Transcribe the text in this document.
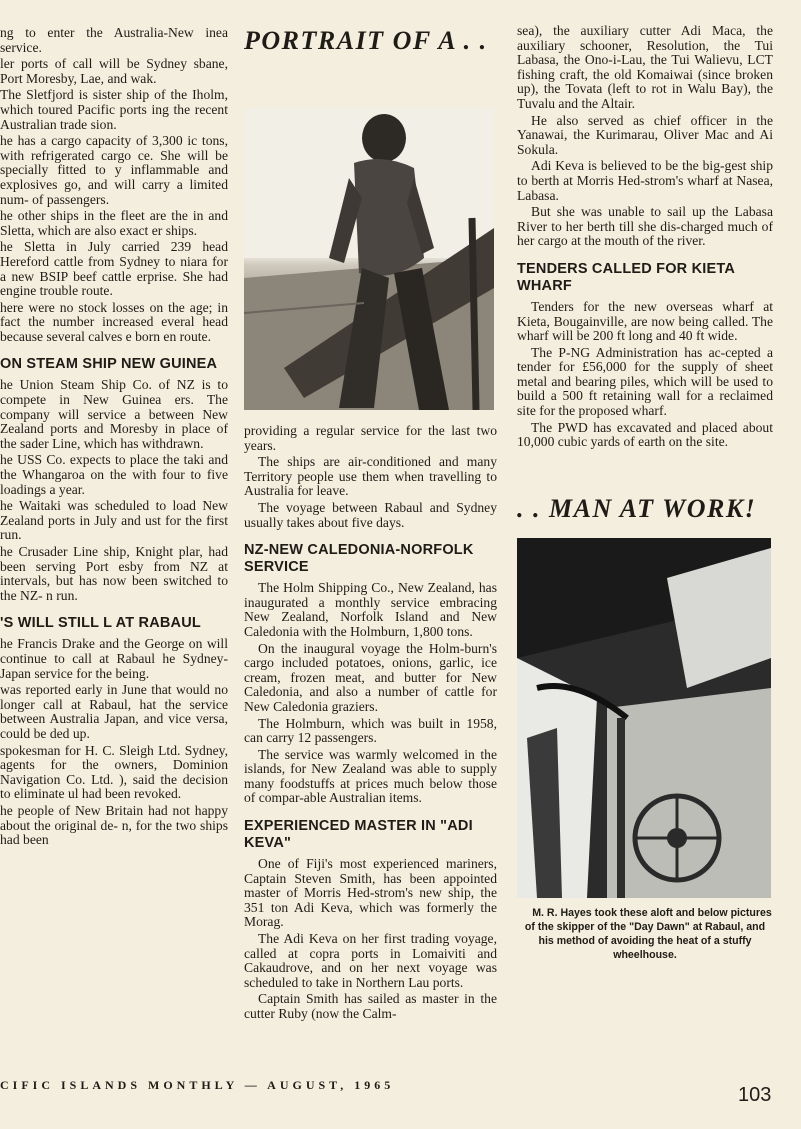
ng to enter the Australia-New inea service.

ler ports of call will be Sydney sbane, Port Moresby, Lae, and wak.

The Sletfjord is sister ship of the Iholm, which toured Pacific ports ing the recent Australian trade sion.

he has a cargo capacity of 3,300 ic tons, with refrigerated cargo ce. She will be specially fitted to y inflammable and explosives go, and will carry a limited num- of passengers.

he other ships in the fleet are the in and Sletta, which are also exact er ships.

he Sletta in July carried 239 head Hereford cattle from Sydney to niara for a new BSIP beef cattle erprise. She had engine trouble route.

here were no stock losses on the age; in fact the number increased everal head because several calves e born en route.

ON STEAM SHIP NEW GUINEA

he Union Steam Ship Co. of NZ is to compete in New Guinea ers. The company will service a between New Zealand ports and Moresby in place of the sader Line, which has withdrawn.

he USS Co. expects to place the taki and the Whangaroa on the with four to five loadings a year.

he Waitaki was scheduled to load New Zealand ports in July and ust for the first run.

he Crusader Line ship, Knight plar, had been serving Port esby from NZ at intervals, but has now been switched to the NZ- n run.

'S WILL STILL L AT RABAUL

he Francis Drake and the George on will continue to call at Rabaul he Sydney-Japan service for the being.

was reported early in June that would no longer call at Rabaul, hat the service between Australia Japan, and vice versa, could be ded up.

spokesman for H. C. Sleigh Ltd. Sydney, agents for the owners, Dominion Navigation Co. Ltd. ), said the decision to eliminate ul had been revoked.

he people of New Britain had not happy about the original de- n, for the two ships had been

PORTRAIT OF A . .

providing a regular service for the last two years.

The ships are air-conditioned and many Territory people use them when travelling to Australia for leave.

The voyage between Rabaul and Sydney usually takes about five days.

NZ-NEW CALEDONIA-NORFOLK SERVICE

The Holm Shipping Co., New Zealand, has inaugurated a monthly service embracing New Zealand, Norfolk Island and New Caledonia with the Holmburn, 1,800 tons.

On the inaugural voyage the Holm-burn's cargo included potatoes, onions, garlic, ice cream, frozen meat, and butter for New Caledonia, and also a number of cattle for New Caledonia graziers.

The Holmburn, which was built in 1958, can carry 12 passengers.

The service was warmly welcomed in the islands, for New Zealand was able to supply many foodstuffs at prices much below those of compar-able Australian items.

EXPERIENCED MASTER IN "ADI KEVA"

One of Fiji's most experienced mariners, Captain Steven Smith, has been appointed master of Morris Hed-strom's new ship, the 351 ton Adi Keva, which was formerly the Morag.

The Adi Keva on her first trading voyage, called at copra ports in Lomaiviti and Cakaudrove, and on her next voyage was scheduled to take in Northern Lau ports.

Captain Smith has sailed as master in the cutter Ruby (now the Calm-

sea), the auxiliary cutter Adi Maca, the auxiliary schooner, Resolution, the Tui Labasa, the Ono-i-Lau, the Tui Walievu, LCT fishing craft, the old Komaiwai (since broken up), the Tovata (left to rot in Walu Bay), the Tuvalu and the Altair.

He also served as chief officer in the Yanawai, the Kurimarau, Oliver Mac and Ai Sokula.

Adi Keva is believed to be the big-gest ship to berth at Morris Hed-strom's wharf at Nasea, Labasa.

But she was unable to sail up the Labasa River to her berth till she dis-charged much of her cargo at the mouth of the river.

TENDERS CALLED FOR KIETA WHARF

Tenders for the new overseas wharf at Kieta, Bougainville, are now being called. The wharf will be 200 ft long and 40 ft wide.

The P-NG Administration has ac-cepted a tender for £56,000 for the supply of sheet metal and bearing piles, which will be used to build a 500 ft retaining wall for a reclaimed site for the proposed wharf.

The PWD has excavated and placed about 10,000 cubic yards of earth on the site.

. . MAN AT WORK!

M. R. Hayes took these aloft and below pictures of the skipper of the "Day Dawn" at Rabaul, and his method of avoiding the heat of a stuffy wheelhouse.

CIFIC ISLANDS MONTHLY — AUGUST, 1965	103
